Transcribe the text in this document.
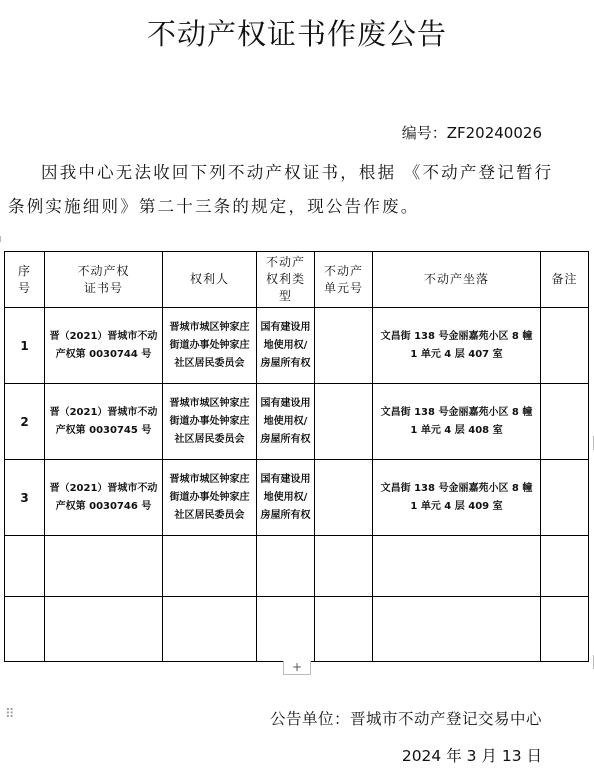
不动产权证书作废公告
编号：ZF20240026
因我中心无法收回下列不动产权证书，根据 《不动产登记暂行条例实施细则》第二十三条的规定，现公告作废。
序号	不动产权证书号	权利人	不动产权利类型	不动产单元号	不动产坐落	备注
1	晋（2021）晋城市不动产权第 0030744 号	晋城市城区钟家庄街道办事处钟家庄社区居民委员会	国有建设用地使用权/房屋所有权		文昌街 138 号金丽嘉苑小区 8 幢 1 单元 4 层 407 室	
2	晋（2021）晋城市不动产权第 0030745 号	晋城市城区钟家庄街道办事处钟家庄社区居民委员会	国有建设用地使用权/房屋所有权		文昌街 138 号金丽嘉苑小区 8 幢 1 单元 4 层 408 室	
3	晋（2021）晋城市不动产权第 0030746 号	晋城市城区钟家庄街道办事处钟家庄社区居民委员会	国有建设用地使用权/房屋所有权		文昌街 138 号金丽嘉苑小区 8 幢 1 单元 4 层 409 室	

+
⠿	公告单位：晋城市不动产登记交易中心
2024 年 3 月 13 日
